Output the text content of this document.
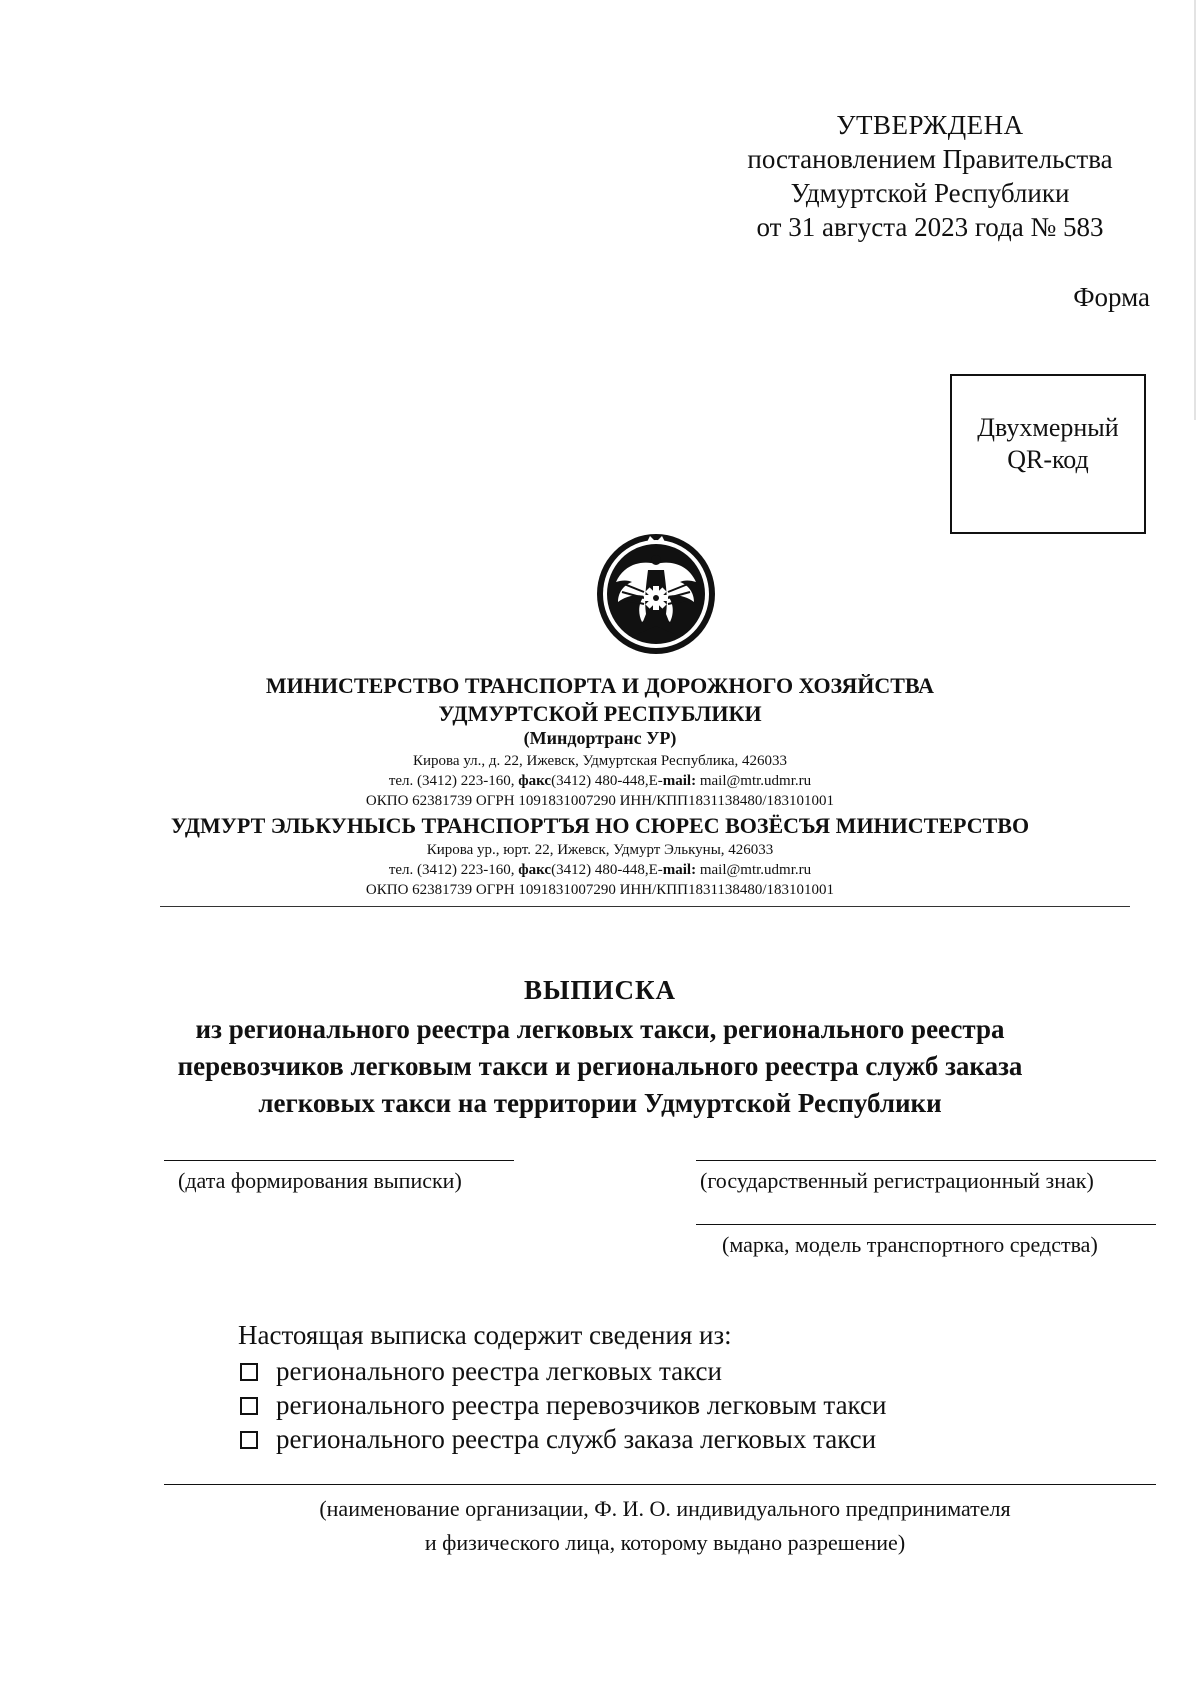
УТВЕРЖДЕНА
постановлением Правительства
Удмуртской Республики
от 31 августа 2023 года № 583
Форма
Двухмерный
QR-код
МИНИСТЕРСТВО ТРАНСПОРТА И ДОРОЖНОГО ХОЗЯЙСТВА
УДМУРТСКОЙ РЕСПУБЛИКИ
(Миндортранс УР)
Кирова ул., д. 22, Ижевск, Удмуртская Республика, 426033
тел. (3412) 223-160, факс(3412) 480-448,Е-mail: mail@mtr.udmr.ru
ОКПО 62381739 ОГРН 1091831007290 ИНН/КПП1831138480/183101001
УДМУРТ ЭЛЬКУНЫСЬ ТРАНСПОРТЪЯ НО СЮРЕС ВОЗЁСЪЯ МИНИСТЕРСТВО
Кирова ур., юрт. 22, Ижевск, Удмурт Элькуны, 426033
тел. (3412) 223-160, факс(3412) 480-448,Е-mail: mail@mtr.udmr.ru
ОКПО 62381739 ОГРН 1091831007290 ИНН/КПП1831138480/183101001
ВЫПИСКА
из регионального реестра легковых такси, регионального реестра
перевозчиков легковым такси и регионального реестра служб заказа
легковых такси на территории Удмуртской Республики
(дата формирования выписки)	(государственный регистрационный знак)
(марка, модель транспортного средства)
Настоящая выписка содержит сведения из:
регионального реестра легковых такси
регионального реестра перевозчиков легковым такси
регионального реестра служб заказа легковых такси
(наименование организации, Ф. И. О. индивидуального предпринимателя
и физического лица, которому выдано разрешение)
